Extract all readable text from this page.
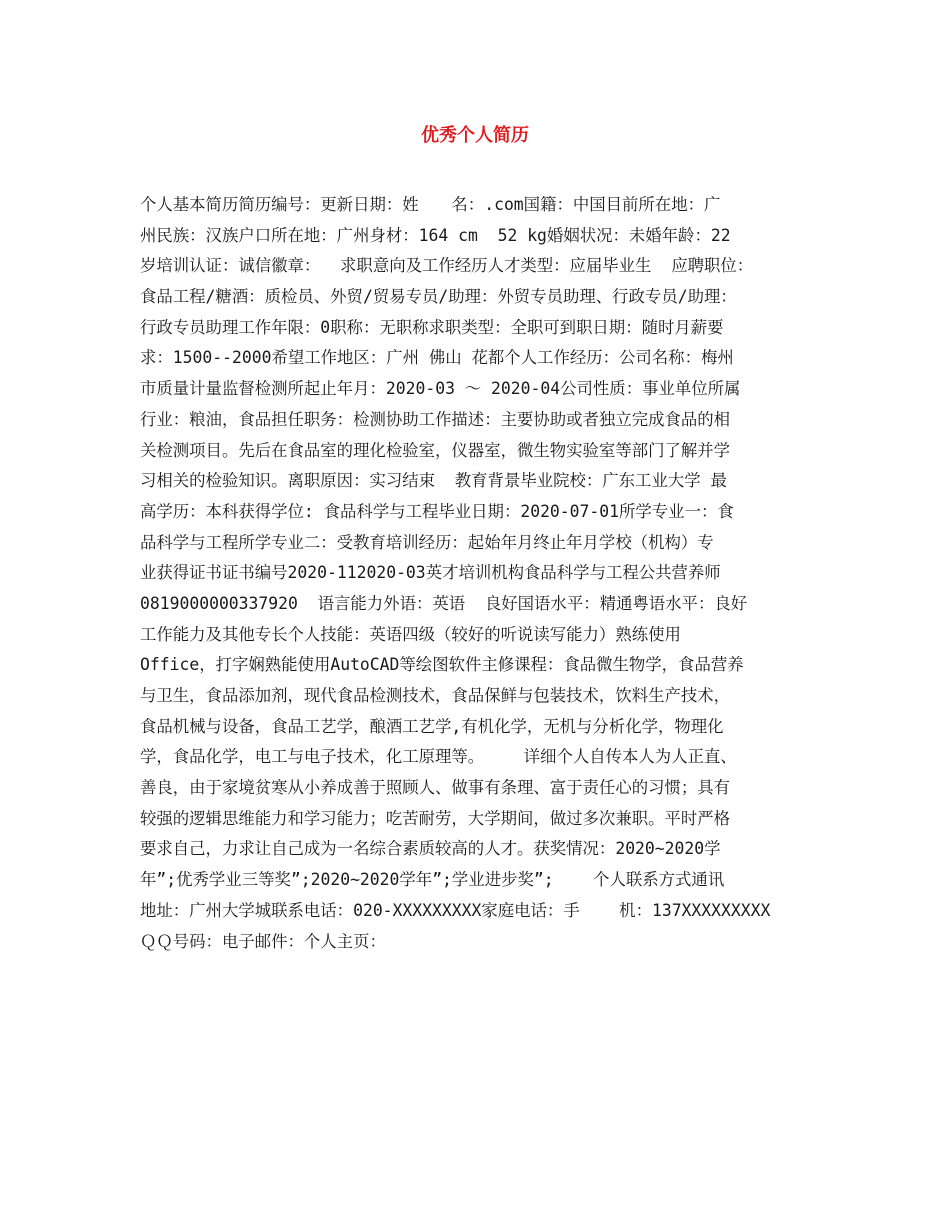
优秀个人简历
个人基本简历简历编号：更新日期：姓　　名：.com国籍：中国目前所在地：广
州民族：汉族户口所在地：广州身材：164 cm  52 kg婚姻状况：未婚年龄：22
岁培训认证：诚信徽章：  求职意向及工作经历人才类型：应届毕业生  应聘职位：
食品工程/糖酒：质检员、外贸/贸易专员/助理：外贸专员助理、行政专员/助理：
行政专员助理工作年限：0职称：无职称求职类型：全职可到职日期：随时月薪要
求：1500--2000希望工作地区：广州 佛山 花都个人工作经历：公司名称：梅州
市质量计量监督检测所起止年月：2020-03 ～ 2020-04公司性质：事业单位所属
行业：粮油，食品担任职务：检测协助工作描述：主要协助或者独立完成食品的相
关检测项目。先后在食品室的理化检验室，仪器室，微生物实验室等部门了解并学
习相关的检验知识。离职原因：实习结束  教育背景毕业院校：广东工业大学 最
高学历：本科获得学位: 食品科学与工程毕业日期：2020-07-01所学专业一：食
品科学与工程所学专业二：受教育培训经历：起始年月终止年月学校（机构）专
业获得证书证书编号2020-112020-03英才培训机构食品科学与工程公共营养师
0819000000337920  语言能力外语：英语  良好国语水平：精通粤语水平：良好
工作能力及其他专长个人技能：英语四级（较好的听说读写能力）熟练使用
Office，打字娴熟能使用AutoCAD等绘图软件主修课程：食品微生物学，食品营养
与卫生，食品添加剂，现代食品检测技术，食品保鲜与包装技术，饮料生产技术，
食品机械与设备，食品工艺学，酿酒工艺学,有机化学，无机与分析化学，物理化
学，食品化学，电工与电子技术，化工原理等。    详细个人自传本人为人正直、
善良，由于家境贫寒从小养成善于照顾人、做事有条理、富于责任心的习惯；具有
较强的逻辑思维能力和学习能力；吃苦耐劳，大学期间，做过多次兼职。平时严格
要求自己，力求让自己成为一名综合素质较高的人才。获奖情况：2020~2020学
年”;优秀学业三等奖”;2020~2020学年”;学业进步奖”;    个人联系方式通讯
地址：广州大学城联系电话：020-XXXXXXXXX家庭电话：手    机：137XXXXXXXXX
ＱＱ号码：电子邮件：个人主页：
